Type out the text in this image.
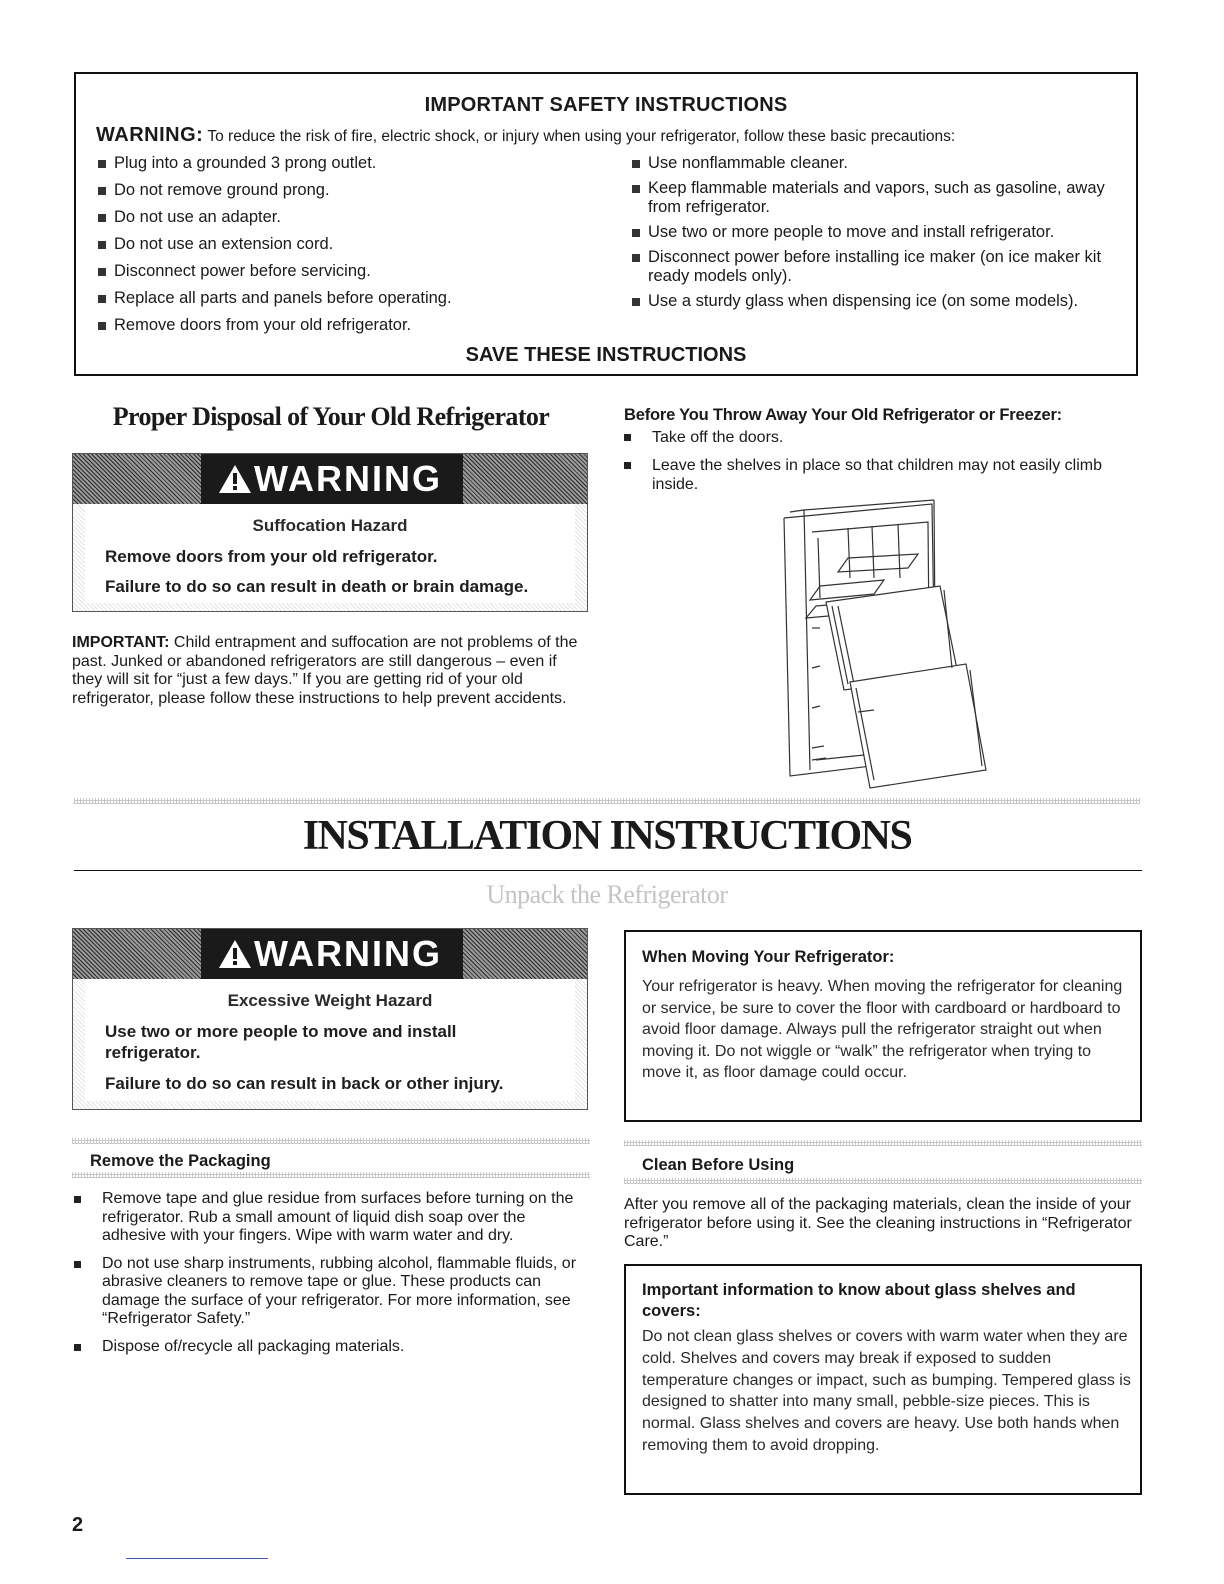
IMPORTANT SAFETY INSTRUCTIONS
WARNING: To reduce the risk of fire, electric shock, or injury when using your refrigerator, follow these basic precautions:
Plug into a grounded 3 prong outlet.
Do not remove ground prong.
Do not use an adapter.
Do not use an extension cord.
Disconnect power before servicing.
Replace all parts and panels before operating.
Remove doors from your old refrigerator.
Use nonflammable cleaner.
Keep flammable materials and vapors, such as gasoline, away from refrigerator.
Use two or more people to move and install refrigerator.
Disconnect power before installing ice maker (on ice maker kit ready models only).
Use a sturdy glass when dispensing ice (on some models).
SAVE THESE INSTRUCTIONS
Proper Disposal of Your Old Refrigerator
WARNING
Suffocation Hazard
Remove doors from your old refrigerator.
Failure to do so can result in death or brain damage.
IMPORTANT: Child entrapment and suffocation are not problems of the past. Junked or abandoned refrigerators are still dangerous – even if they will sit for “just a few days.” If you are getting rid of your old refrigerator, please follow these instructions to help prevent accidents.
Before You Throw Away Your Old Refrigerator or Freezer:
Take off the doors.
Leave the shelves in place so that children may not easily climb inside.
INSTALLATION INSTRUCTIONS
Unpack the Refrigerator
WARNING
Excessive Weight Hazard
Use two or more people to move and install refrigerator.
Failure to do so can result in back or other injury.
When Moving Your Refrigerator:
Your refrigerator is heavy. When moving the refrigerator for cleaning or service, be sure to cover the floor with cardboard or hardboard to avoid floor damage. Always pull the refrigerator straight out when moving it. Do not wiggle or “walk” the refrigerator when trying to move it, as floor damage could occur.
Remove the Packaging
Remove tape and glue residue from surfaces before turning on the refrigerator. Rub a small amount of liquid dish soap over the adhesive with your fingers. Wipe with warm water and dry.
Do not use sharp instruments, rubbing alcohol, flammable fluids, or abrasive cleaners to remove tape or glue. These products can damage the surface of your refrigerator. For more information, see “Refrigerator Safety.”
Dispose of/recycle all packaging materials.
Clean Before Using
After you remove all of the packaging materials, clean the inside of your refrigerator before using it. See the cleaning instructions in “Refrigerator Care.”
Important information to know about glass shelves and covers:
Do not clean glass shelves or covers with warm water when they are cold. Shelves and covers may break if exposed to sudden temperature changes or impact, such as bumping. Tempered glass is designed to shatter into many small, pebble-size pieces. This is normal. Glass shelves and covers are heavy. Use both hands when removing them to avoid dropping.
2
